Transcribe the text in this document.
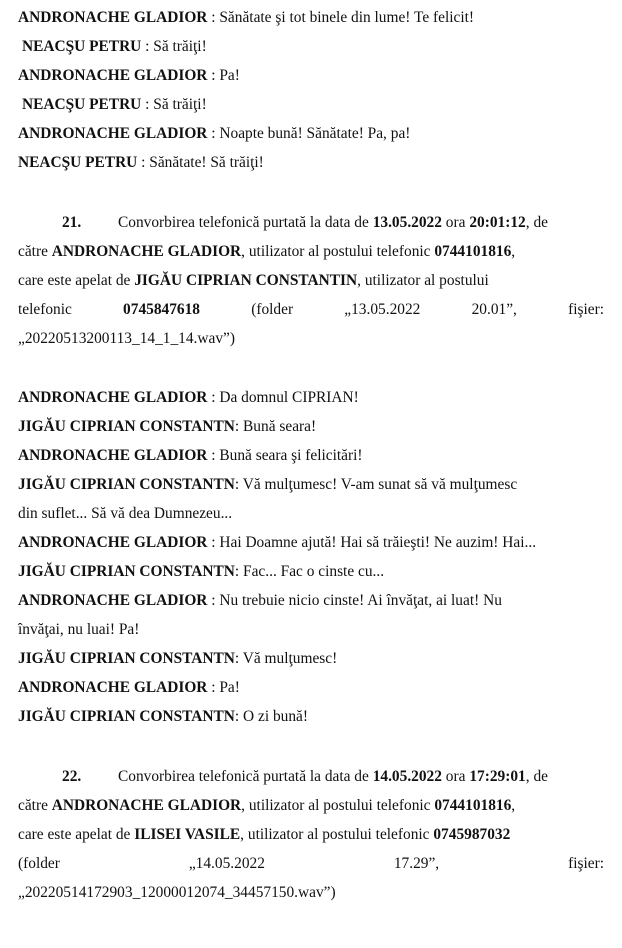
ANDRONACHE GLADIOR : Sănătate şi tot binele din lume! Te felicit!
NEACŞU PETRU : Să trăiţi!
ANDRONACHE GLADIOR : Pa!
NEACŞU PETRU : Să trăiţi!
ANDRONACHE GLADIOR : Noapte bună! Sănătate! Pa, pa!
NEACŞU PETRU : Sănătate! Să trăiţi!
21. Convorbirea telefonică purtată la data de 13.05.2022 ora 20:01:12, de
către ANDRONACHE GLADIOR, utilizator al postului telefonic 0744101816,
care este apelat de JIGĂU CIPRIAN CONSTANTIN, utilizator al postului
telefonic	0745847618	(folder	„13.05.2022	20.01”,	fişier:
„20220513200113_14_1_14.wav”)
ANDRONACHE GLADIOR : Da domnul CIPRIAN!
JIGĂU CIPRIAN CONSTANTN: Bună seara!
ANDRONACHE GLADIOR : Bună seara şi felicitări!
JIGĂU CIPRIAN CONSTANTN: Vă mulţumesc! V-am sunat să vă mulţumesc
din suflet... Să vă dea Dumnezeu...
ANDRONACHE GLADIOR : Hai Doamne ajută! Hai să trăieşti! Ne auzim! Hai...
JIGĂU CIPRIAN CONSTANTN: Fac... Fac o cinste cu...
ANDRONACHE GLADIOR : Nu trebuie nicio cinste! Ai învăţat, ai luat! Nu
învăţai, nu luai! Pa!
JIGĂU CIPRIAN CONSTANTN: Vă mulţumesc!
ANDRONACHE GLADIOR : Pa!
JIGĂU CIPRIAN CONSTANTN: O zi bună!
22. Convorbirea telefonică purtată la data de 14.05.2022 ora 17:29:01, de
către ANDRONACHE GLADIOR, utilizator al postului telefonic 0744101816,
care este apelat de ILISEI VASILE, utilizator al postului telefonic 0745987032
(folder	„14.05.2022	17.29”,	fişier:
„20220514172903_12000012074_34457150.wav”)
